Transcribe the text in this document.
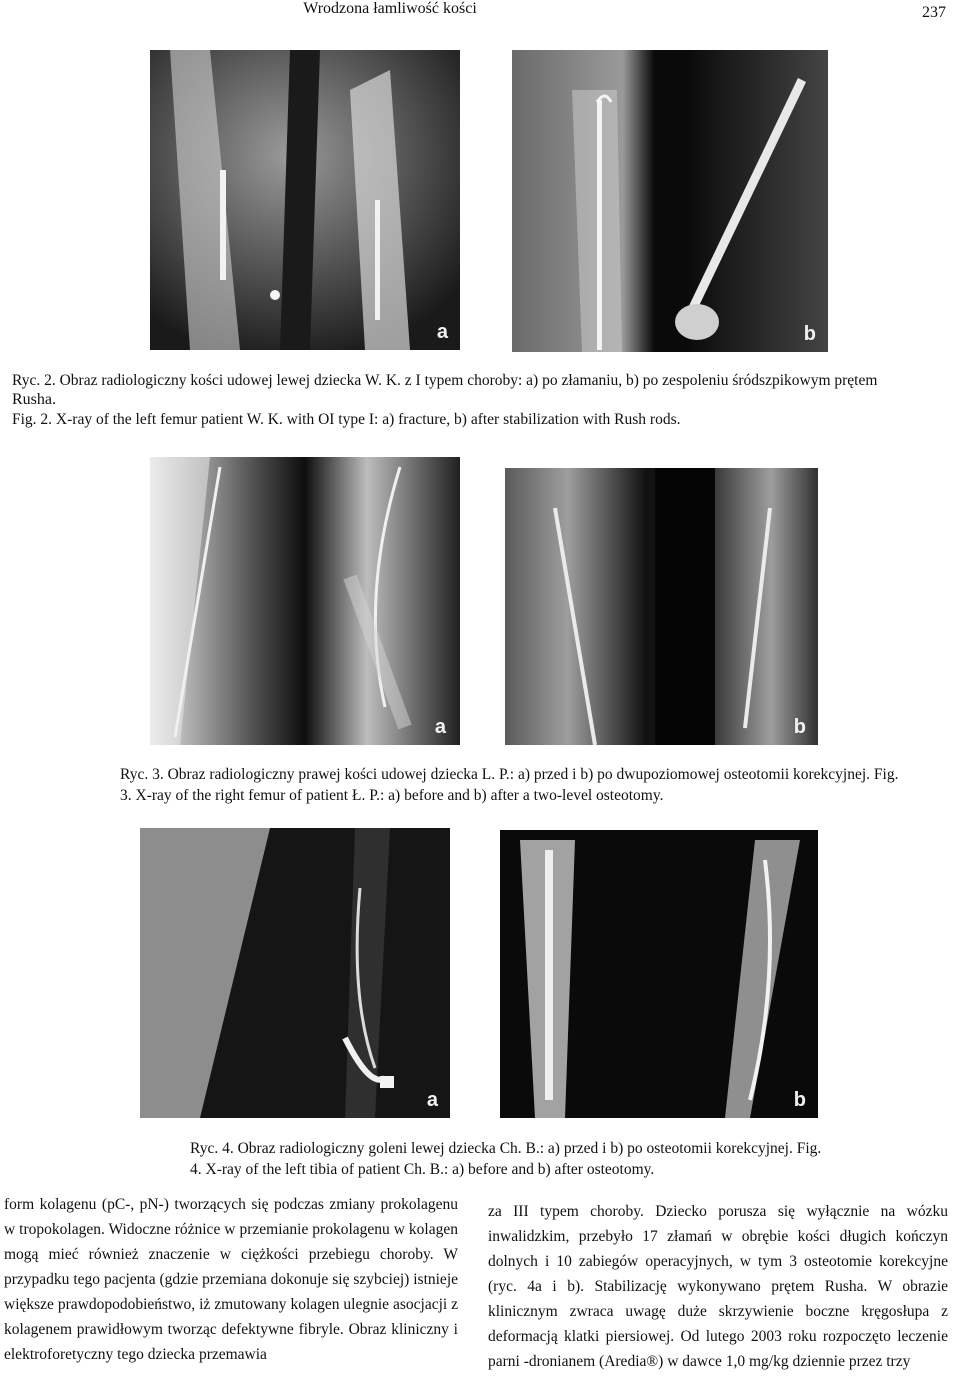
Wrodzona łamliwość kości	237
a	b
Ryc. 2. Obraz radiologiczny kości udowej lewej dziecka W. K. z I typem choroby: a) po złamaniu, b) po zespoleniu śródszpikowym prętem
Rusha.
Fig. 2. X-ray of the left femur patient W. K. with OI type I: a) fracture, b) after stabilization with Rush rods.
a	b
Ryc. 3. Obraz radiologiczny prawej kości udowej dziecka L. P.: a) przed i b) po dwupoziomowej osteotomii korekcyjnej. Fig.
3. X-ray of the right femur of patient Ł. P.: a) before and b) after a two-level osteotomy.
a	b
Ryc. 4. Obraz radiologiczny goleni lewej dziecka Ch. B.: a) przed i b) po osteotomii korekcyjnej. Fig.
4. X-ray of the left tibia of patient Ch. B.: a) before and b) after osteotomy.
form kolagenu (pC-, pN-) tworzących się podczas zmiany prokolagenu w tropokolagen. Widoczne różnice w przemianie prokolagenu w kolagen mogą mieć również znaczenie w ciężkości przebiegu choroby. W przypadku tego pacjenta (gdzie przemiana dokonuje się szybciej) istnieje większe prawdopodobieństwo, iż zmutowany kolagen ulegnie asocjacji z kolagenem prawidłowym tworząc defektywne fibryle. Obraz kliniczny i elektroforetyczny tego dziecka przemawia
za III typem choroby. Dziecko porusza się wyłącznie na wózku inwalidzkim, przebyło 17 złamań w obrębie kości długich kończyn dolnych i 10 zabiegów operacyjnych, w tym 3 osteotomie korekcyjne (ryc. 4a i b). Stabilizację wykonywano prętem Rusha. W obrazie klinicznym zwraca uwagę duże skrzywienie boczne kręgosłupa z deformacją klatki piersiowej. Od lutego 2003 roku rozpoczęto leczenie parni -dronianem (Aredia®) w dawce 1,0 mg/kg dziennie przez trzy
